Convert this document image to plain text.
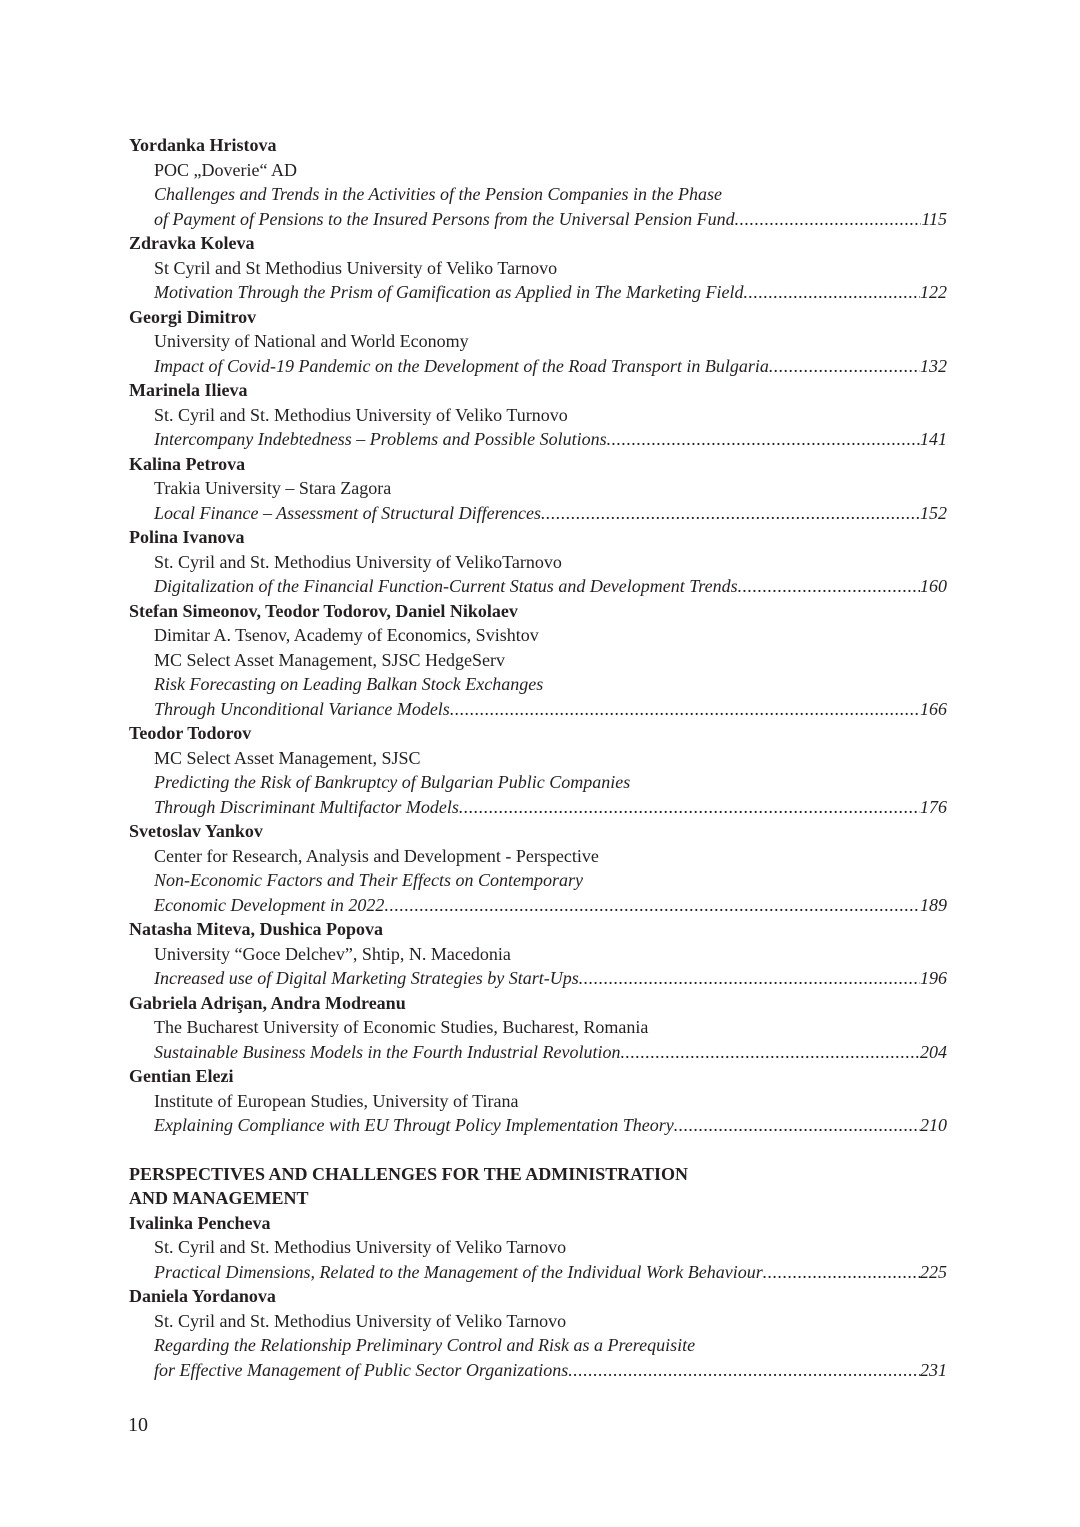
Yordanka Hristova
POC „Doverie“ AD
Challenges and Trends in the Activities of the Pension Companies in the Phase
of Payment of Pensions to the Insured Persons from the Universal Pension Fund .....	115
Zdravka Koleva
St Cyril and St Methodius University of Veliko Tarnovo
Motivation Through the Prism of Gamification as Applied in The Marketing Field .....	122
Georgi Dimitrov
University of National and World Economy
Impact of Covid-19 Pandemic on the Development of the Road Transport in Bulgaria .....	132
Marinela Ilieva
St. Cyril and St. Methodius University of Veliko Turnovo
Intercompany Indebtedness – Problems and Possible Solutions .....	141
Kalina Petrova
Trakia University – Stara Zagora
Local Finance – Assessment of Structural Differences .....	152
Polina Ivanova
St. Cyril and St. Methodius University of VelikoTarnovo
Digitalization of the Financial Function-Current Status and Development Trends .....	160
Stefan Simeonov, Teodor Todorov, Daniel Nikolaev
Dimitar A. Tsenov, Academy of Economics, Svishtov
MC Select Asset Management, SJSC HedgeServ
Risk Forecasting on Leading Balkan Stock Exchanges
Through Unconditional Variance Models .....	166
Teodor Todorov
MC Select Asset Management, SJSC
Predicting the Risk of Bankruptcy of Bulgarian Public Companies
Through Discriminant Multifactor Models .....	176
Svetoslav Yankov
Center for Research, Analysis and Development - Perspective
Non-Economic Factors and Their Effects on Contemporary
Economic Development in 2022 .....	189
Natasha Miteva, Dushica Popova
University “Goce Delchev”, Shtip, N. Macedonia
Increased use of Digital Marketing Strategies by Start-Ups .....	196
Gabriela Adrişan, Andra Modreanu
The Bucharest University of Economic Studies, Bucharest, Romania
Sustainable Business Models in the Fourth Industrial Revolution .....	204
Gentian Elezi
Institute of European Studies, University of Tirana
Explaining Compliance with EU Througt Policy Implementation Theory .....	210
PERSPECTIVES AND CHALLENGES FOR THE ADMINISTRATION
AND MANAGEMENT
Ivalinka Pencheva
St. Cyril and St. Methodius University of Veliko Tarnovo
Practical Dimensions, Related to the Management of the Individual Work Behaviour .....	225
Daniela Yordanova
St. Cyril and St. Methodius University of Veliko Tarnovo
Regarding the Relationship Preliminary Control and Risk as a Prerequisite
for Effective Management of Public Sector Organizations .....	231
10
